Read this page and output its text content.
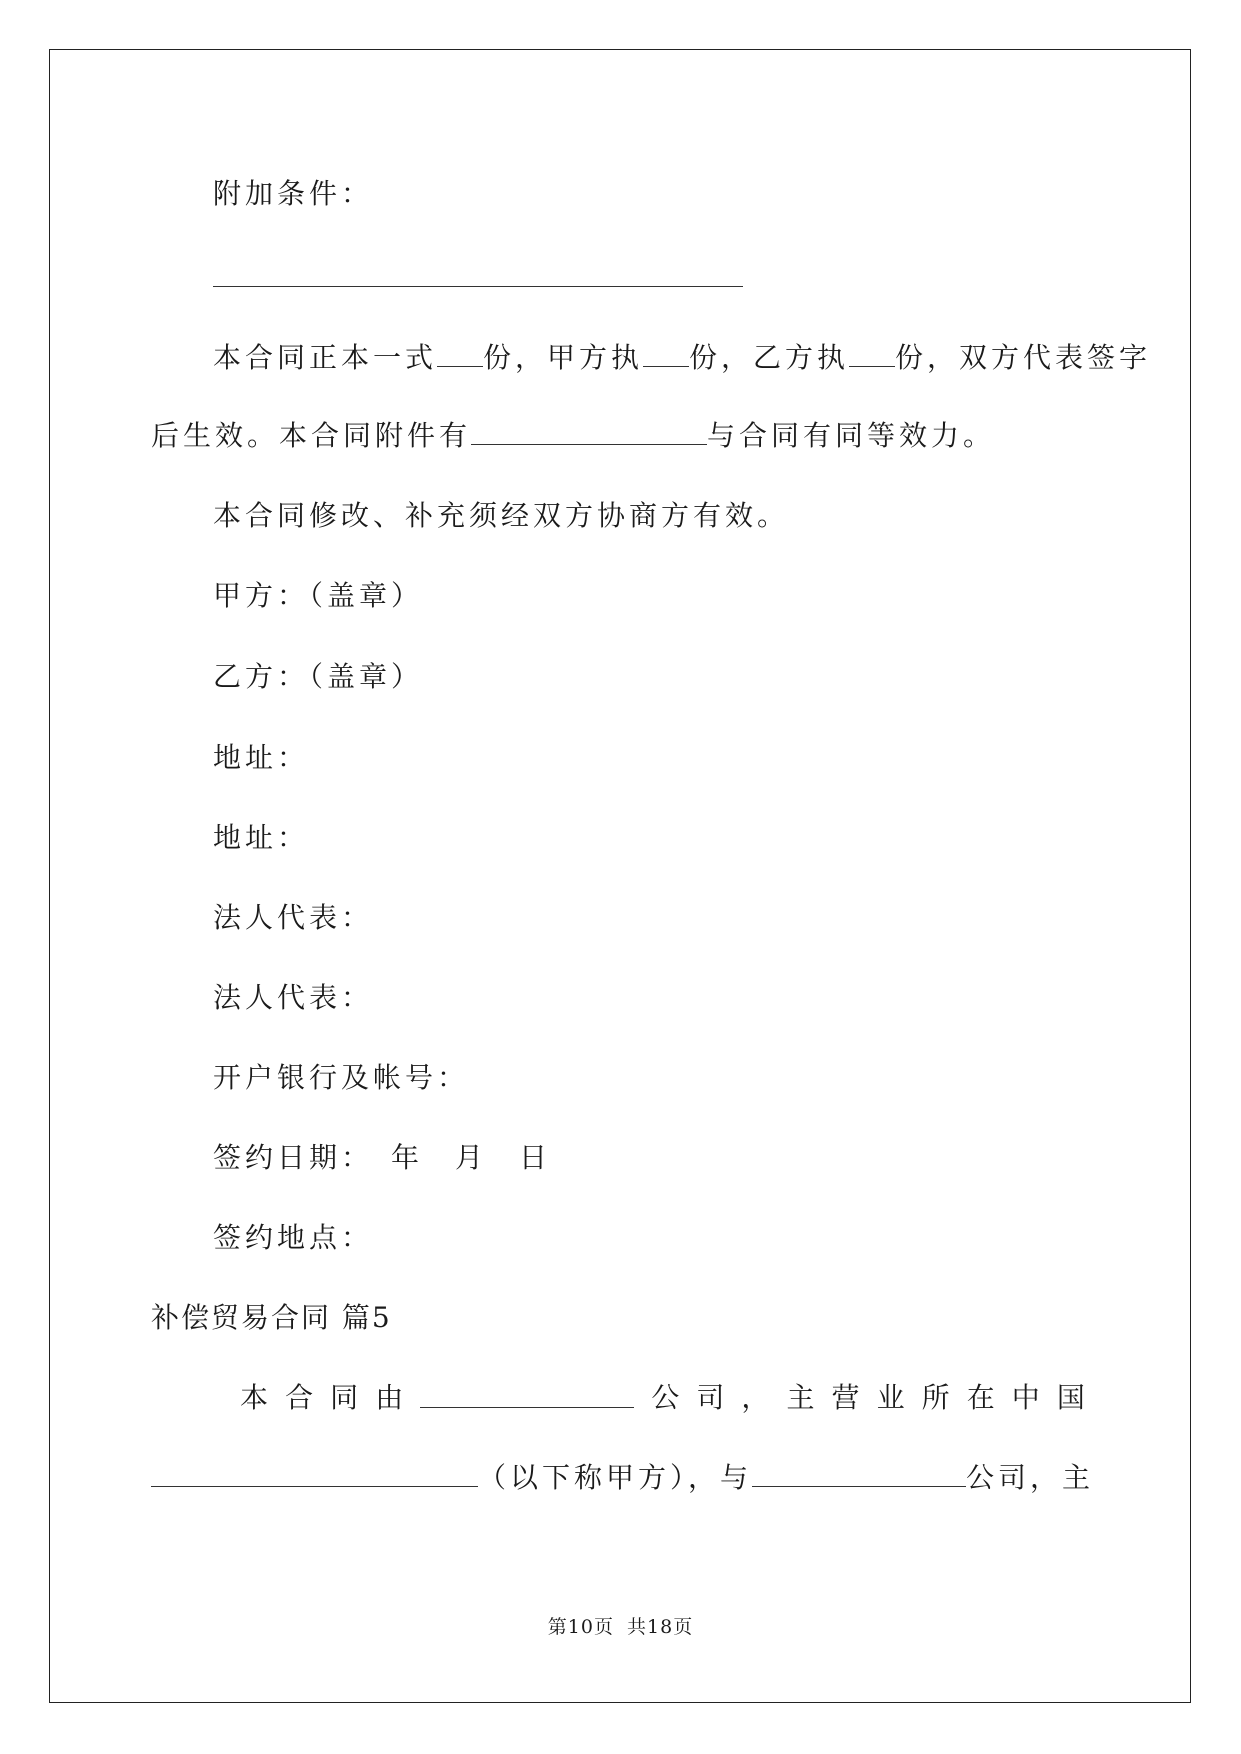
附加条件：
本合同正本一式 份，甲方执 份，乙方执 份，双方代表签字
后生效。本合同附件有	与合同有同等效力。
本合同修改、补充须经双方协商方有效。
甲方：（盖章）
乙方：（盖章）
地址：
地址：
法人代表：
法人代表：
开户银行及帐号：
签约日期：　年　月　日
签约地点：
补偿贸易合同 篇5
本 合 同 由	公 司 ， 主 营 业 所 在 中 国
（以下称甲方），与	公司，主
第10页 共18页
